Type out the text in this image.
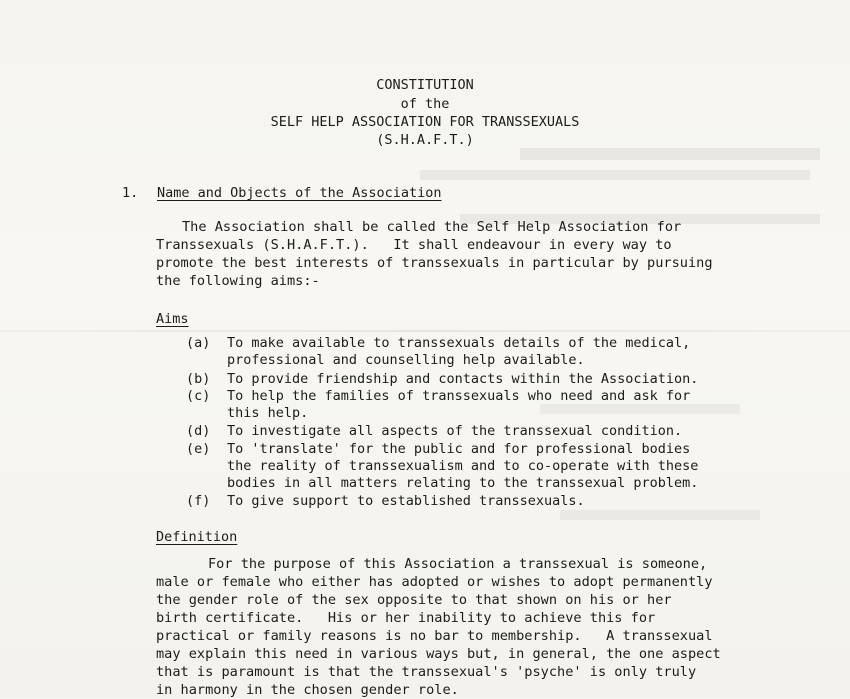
CONSTITUTION
of the
SELF HELP ASSOCIATION FOR TRANSSEXUALS
(S.H.A.F.T.)
1. Name and Objects of the Association
The Association shall be called the Self Help Association for
Transsexuals (S.H.A.F.T.).   It shall endeavour in every way to
promote the best interests of transsexuals in particular by pursuing
the following aims:-
Aims
(a) To make available to transsexuals details of the medical,
professional and counselling help available.
(b) To provide friendship and contacts within the Association.
(c) To help the families of transsexuals who need and ask for
this help.
(d) To investigate all aspects of the transsexual condition.
(e) To 'translate' for the public and for professional bodies
the reality of transsexualism and to co-operate with these
bodies in all matters relating to the transsexual problem.
(f) To give support to established transsexuals.
Definition
For the purpose of this Association a transsexual is someone,
male or female who either has adopted or wishes to adopt permanently
the gender role of the sex opposite to that shown on his or her
birth certificate.   His or her inability to achieve this for
practical or family reasons is no bar to membership.   A transsexual
may explain this need in various ways but, in general, the one aspect
that is paramount is that the transsexual's 'psyche' is only truly
in harmony in the chosen gender role.
